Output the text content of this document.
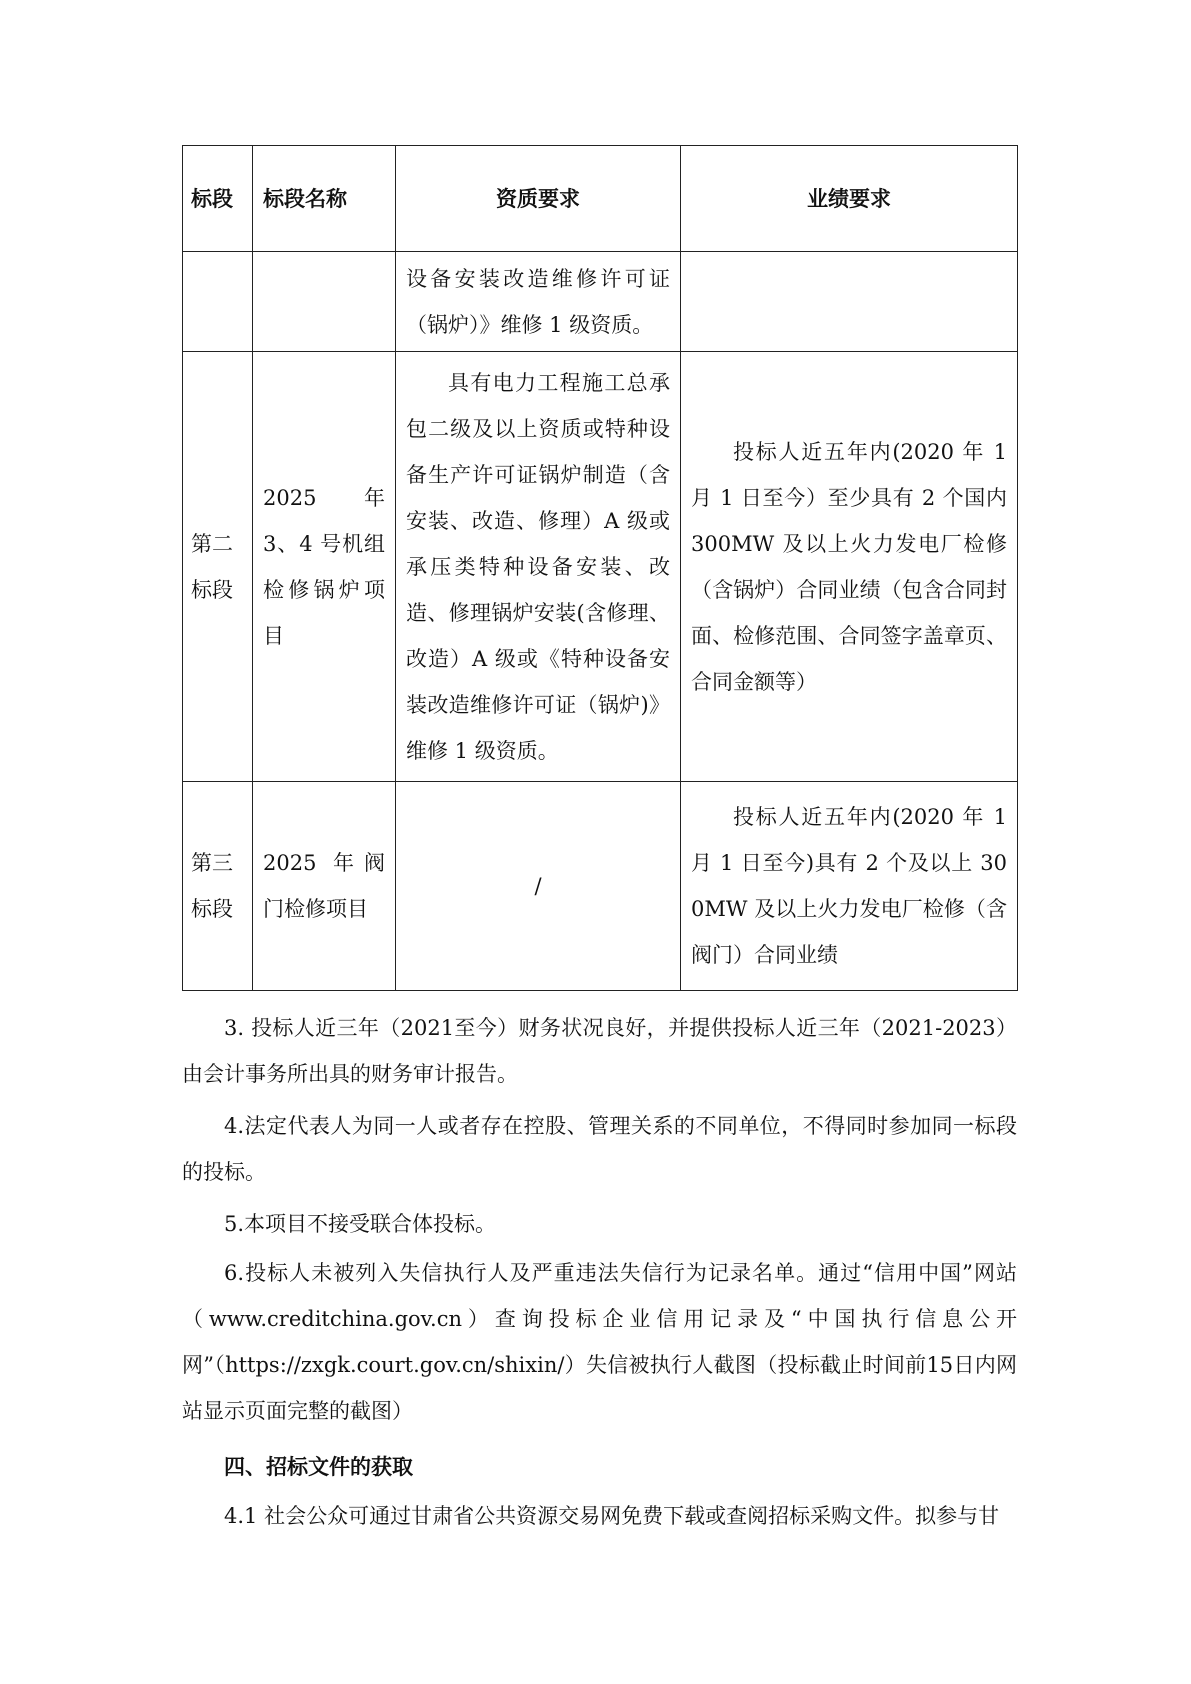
标段	标段名称	资质要求	业绩要求
		设备安装改造维修许可证（锅炉）》维修 1 级资质。	
第二标段	2025 年 3、4 号机组检修锅炉项目	具有电力工程施工总承包二级及以上资质或特种设备生产许可证锅炉制造（含安装、改造、修理）A 级或承压类特种设备安装、改造、修理锅炉安装(含修理、改造）A 级或《特种设备安装改造维修许可证（锅炉)》维修 1 级资质。	投标人近五年内(2020 年 1 月 1 日至今）至少具有 2 个国内 300MW 及以上火力发电厂检修（含锅炉）合同业绩（包含合同封面、检修范围、合同签字盖章页、合同金额等）
第三标段	2025 年阀门检修项目	/	投标人近五年内(2020 年 1 月 1 日至今)具有 2 个及以上 300MW 及以上火力发电厂检修（含阀门）合同业绩

3. 投标人近三年（2021至今）财务状况良好，并提供投标人近三年（2021-2023）由会计事务所出具的财务审计报告。

4.法定代表人为同一人或者存在控股、管理关系的不同单位，不得同时参加同一标段的投标。

5.本项目不接受联合体投标。

6.投标人未被列入失信执行人及严重违法失信行为记录名单。通过“信用中国”网站（www.creditchina.gov.cn）查询投标企业信用记录及“中国执行信息公开网”（https://zxgk.court.gov.cn/shixin/）失信被执行人截图（投标截止时间前15日内网站显示页面完整的截图）

四、招标文件的获取

4.1 社会公众可通过甘肃省公共资源交易网免费下载或查阅招标采购文件。拟参与甘
